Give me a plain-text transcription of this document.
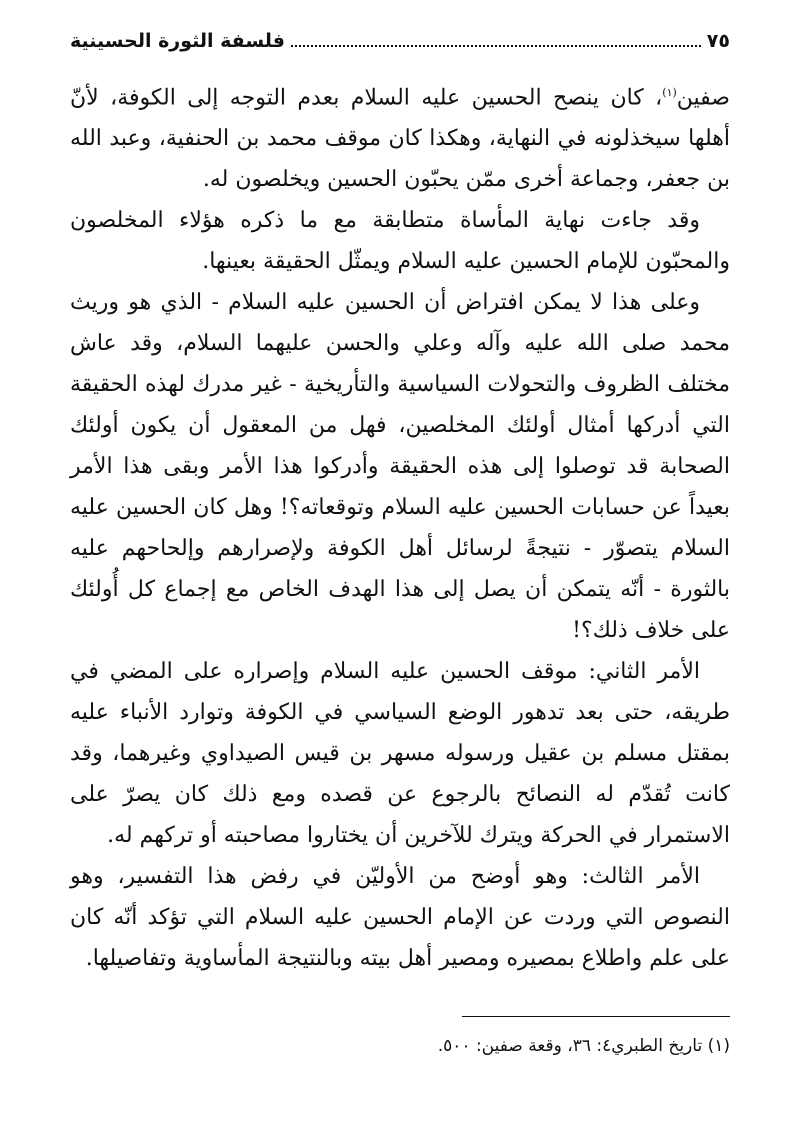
٧٥
فلسفة الثورة الحسينية

صفين$^{(١)}$، كان ينصح الحسين عليه السلام بعدم التوجه إلى الكوفة، لأنّ أهلها سيخذلونه في النهاية، وهكذا كان موقف محمد بن الحنفية، وعبد الله بن جعفر، وجماعة أخرى ممّن يحبّون الحسين ويخلصون له.

وقد جاءت نهاية المأساة متطابقة مع ما ذكره هؤلاء المخلصون والمحبّون للإمام الحسين عليه السلام ويمثّل الحقيقة بعينها.

وعلى هذا لا يمكن افتراض أن الحسين عليه السلام - الذي هو وريث محمد صلى الله عليه وآله وعلي والحسن عليهما السلام، وقد عاش مختلف الظروف والتحولات السياسية والتأريخية - غير مدرك لهذه الحقيقة التي أدركها أمثال أولئك المخلصين، فهل من المعقول أن يكون أولئك الصحابة قد توصلوا إلى هذه الحقيقة وأدركوا هذا الأمر وبقى هذا الأمر بعيداً عن حسابات الحسين عليه السلام وتوقعاته؟! وهل كان الحسين عليه السلام يتصوّر - نتيجةً لرسائل أهل الكوفة ولإصرارهم وإلحاحهم عليه بالثورة - أنّه يتمكن أن يصل إلى هذا الهدف الخاص مع إجماع كل أُولئك على خلاف ذلك؟!

الأمر الثاني: موقف الحسين عليه السلام وإصراره على المضي في طريقه، حتى بعد تدهور الوضع السياسي في الكوفة وتوارد الأنباء عليه بمقتل مسلم بن عقيل ورسوله مسهر بن قيس الصيداوي وغيرهما، وقد كانت تُقدّم له النصائح بالرجوع عن قصده ومع ذلك كان يصرّ على الاستمرار في الحركة ويترك للآخرين أن يختاروا مصاحبته أو تركهم له.

الأمر الثالث: وهو أوضح من الأوليّن في رفض هذا التفسير، وهو النصوص التي وردت عن الإمام الحسين عليه السلام التي تؤكد أنّه كان على علم واطلاع بمصيره ومصير أهل بيته وبالنتيجة المأساوية وتفاصيلها.

(١) تاريخ الطبري٤: ٣٦، وقعة صفين: ٥٠٠.
